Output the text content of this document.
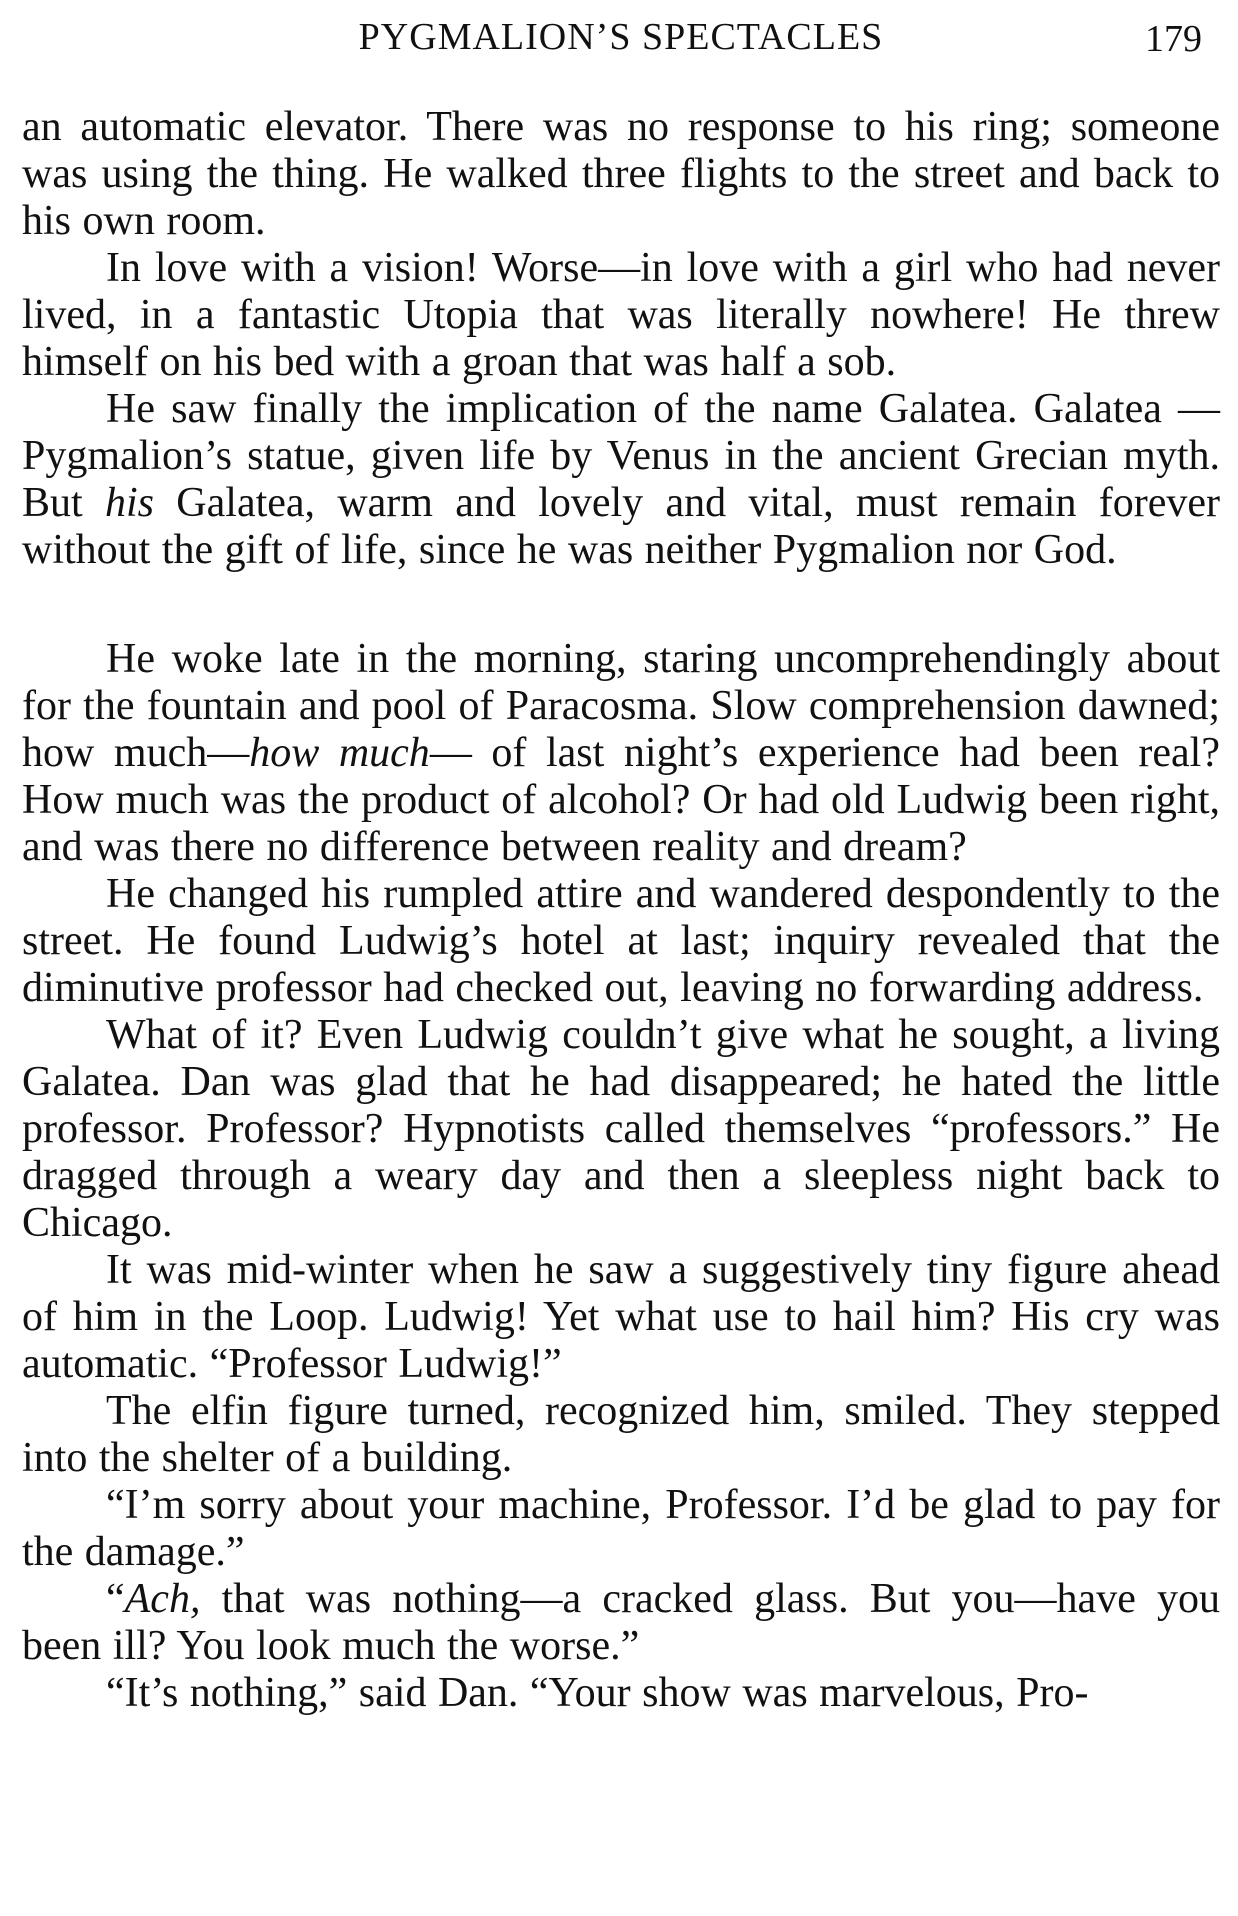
PYGMALION’S SPECTACLES	179

an automatic elevator. There was no response to his ring; someone was using the thing. He walked three flights to the street and back to his own room.

In love with a vision! Worse—in love with a girl who had never lived, in a fantastic Utopia that was literally nowhere! He threw himself on his bed with a groan that was half a sob.

He saw finally the implication of the name Galatea. Galatea —Pygmalion’s statue, given life by Venus in the ancient Grecian myth. But his Galatea, warm and lovely and vital, must remain forever without the gift of life, since he was neither Pygmalion nor God.

He woke late in the morning, staring uncomprehendingly about for the fountain and pool of Paracosma. Slow comprehension dawned; how much—how much— of last night’s experience had been real? How much was the product of alcohol? Or had old Ludwig been right, and was there no difference between reality and dream?

He changed his rumpled attire and wandered despondently to the street. He found Ludwig’s hotel at last; inquiry revealed that the diminutive professor had checked out, leaving no forwarding address.

What of it? Even Ludwig couldn’t give what he sought, a living Galatea. Dan was glad that he had disappeared; he hated the little professor. Professor? Hypnotists called themselves “professors.” He dragged through a weary day and then a sleepless night back to Chicago.

It was mid-winter when he saw a suggestively tiny figure ahead of him in the Loop. Ludwig! Yet what use to hail him? His cry was automatic. “Professor Ludwig!”

The elfin figure turned, recognized him, smiled. They stepped into the shelter of a building.

“I’m sorry about your machine, Professor. I’d be glad to pay for the damage.”

“Ach, that was nothing—a cracked glass. But you—have you been ill? You look much the worse.”

“It’s nothing,” said Dan. “Your show was marvelous, Pro-
